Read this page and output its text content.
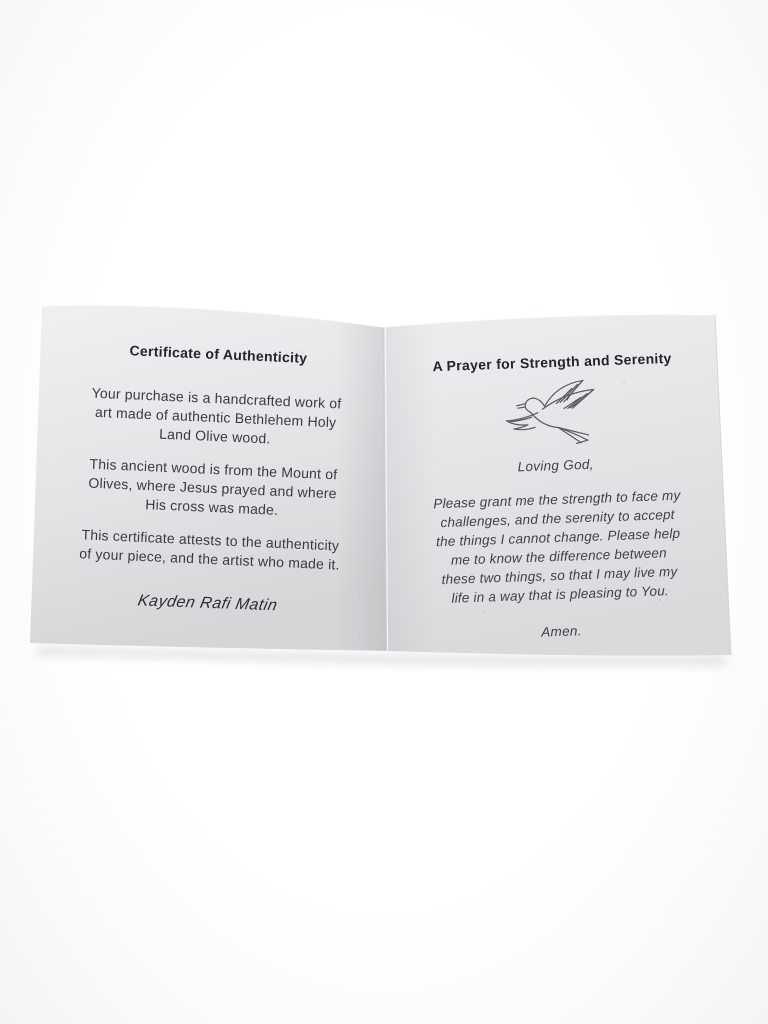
Certificate of Authenticity

Your purchase is a handcrafted work of
art made of authentic Bethlehem Holy
Land Olive wood.

This ancient wood is from the Mount of
Olives, where Jesus prayed and where
His cross was made.

This certificate attests to the authenticity
of your piece, and the artist who made it.

Kayden Rafi Matin
A Prayer for Strength and Serenity

Loving God,

Please grant me the strength to face my
challenges, and the serenity to accept
the things I cannot change. Please help
me to know the difference between
these two things, so that I may live my
life in a way that is pleasing to You.

Amen.
